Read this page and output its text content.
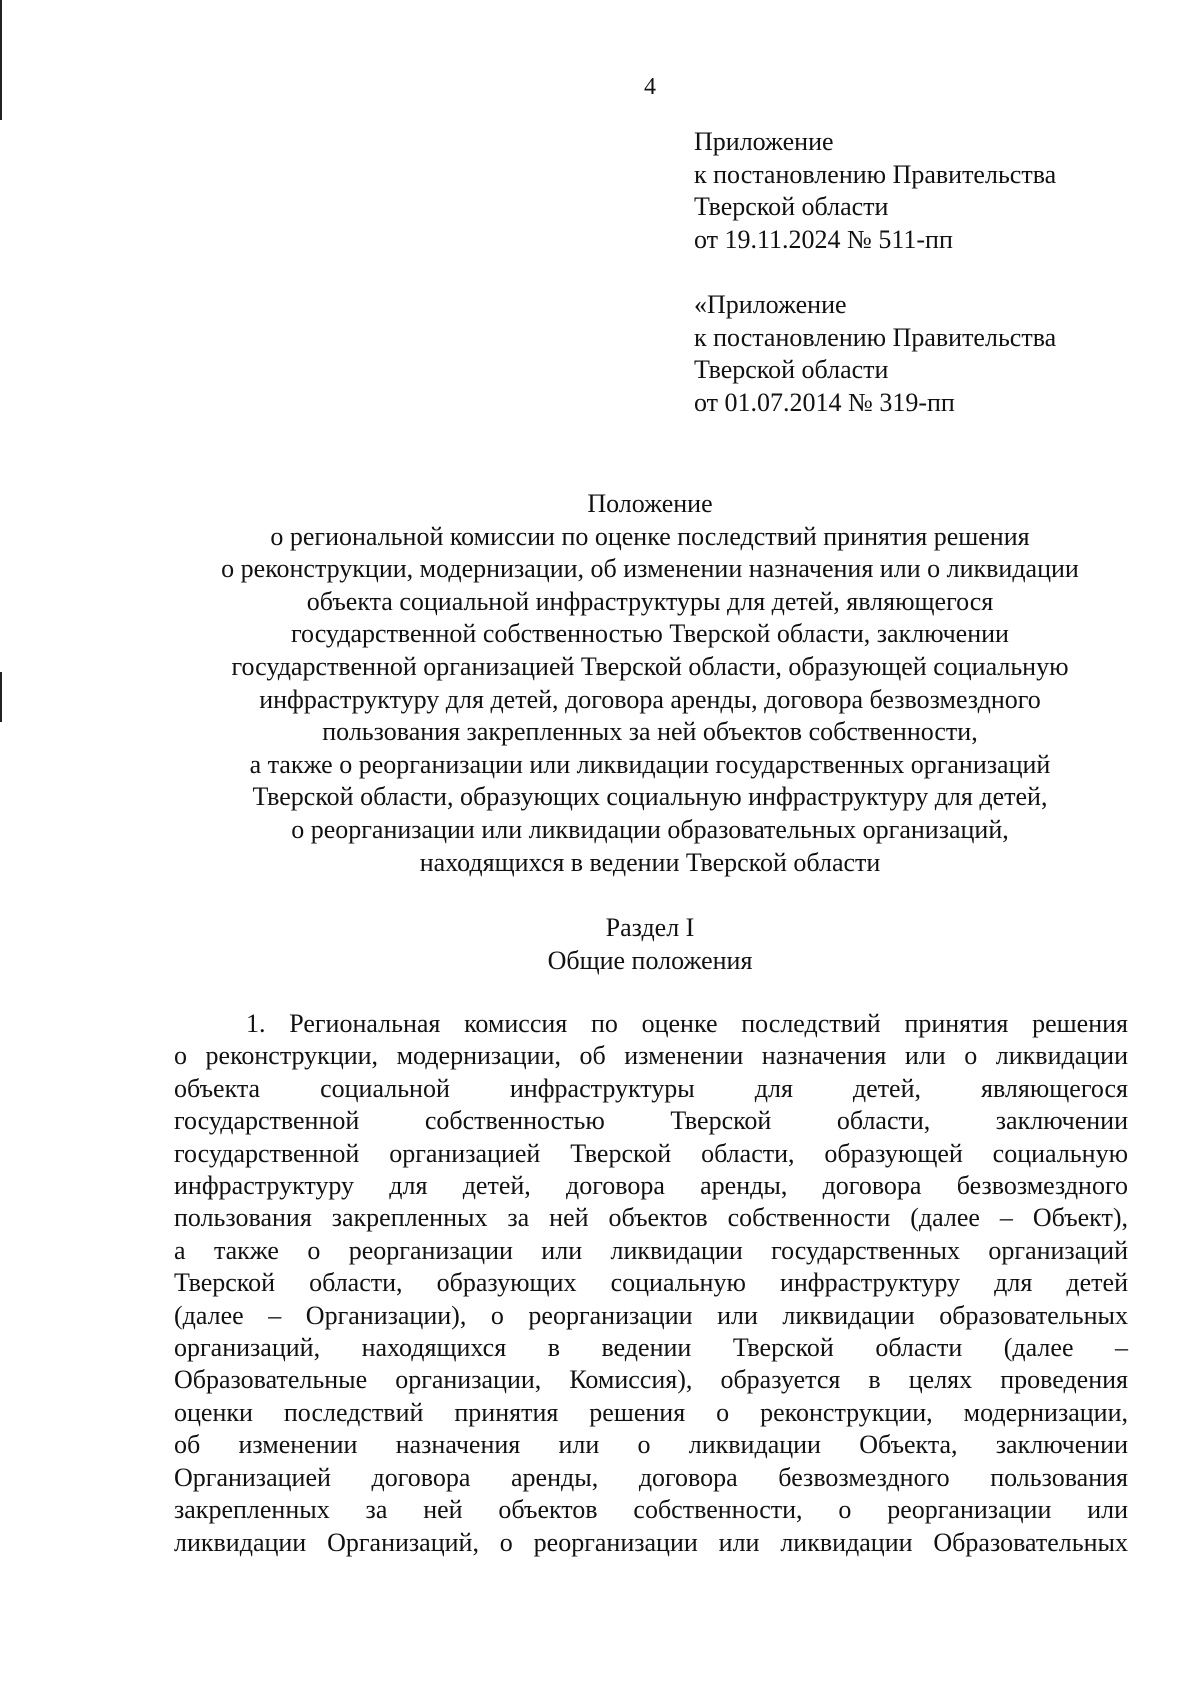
4
Приложение
к постановлению Правительства
Тверской области
от 19.11.2024 № 511-пп
«Приложение
к постановлению Правительства
Тверской области
от 01.07.2014 № 319-пп
Положение
о региональной комиссии по оценке последствий принятия решения
о реконструкции, модернизации, об изменении назначения или о ликвидации
объекта социальной инфраструктуры для детей, являющегося
государственной собственностью Тверской области, заключении
государственной организацией Тверской области, образующей социальную
инфраструктуру для детей, договора аренды, договора безвозмездного
пользования закрепленных за ней объектов собственности,
а также о реорганизации или ликвидации государственных организаций
Тверской области, образующих социальную инфраструктуру для детей,
о реорганизации или ликвидации образовательных организаций,
находящихся в ведении Тверской области
Раздел I
Общие положения
1. Региональная комиссия по оценке последствий принятия решения
о реконструкции, модернизации, об изменении назначения или о ликвидации
объекта социальной инфраструктуры для детей, являющегося
государственной собственностью Тверской области, заключении
государственной организацией Тверской области, образующей социальную
инфраструктуру для детей, договора аренды, договора безвозмездного
пользования закрепленных за ней объектов собственности (далее – Объект),
а также о реорганизации или ликвидации государственных организаций
Тверской области, образующих социальную инфраструктуру для детей
(далее – Организации), о реорганизации или ликвидации образовательных
организаций, находящихся в ведении Тверской области (далее –
Образовательные организации, Комиссия), образуется в целях проведения
оценки последствий принятия решения о реконструкции, модернизации,
об изменении назначения или о ликвидации Объекта, заключении
Организацией договора аренды, договора безвозмездного пользования
закрепленных за ней объектов собственности, о реорганизации или
ликвидации Организаций, о реорганизации или ликвидации Образовательных
